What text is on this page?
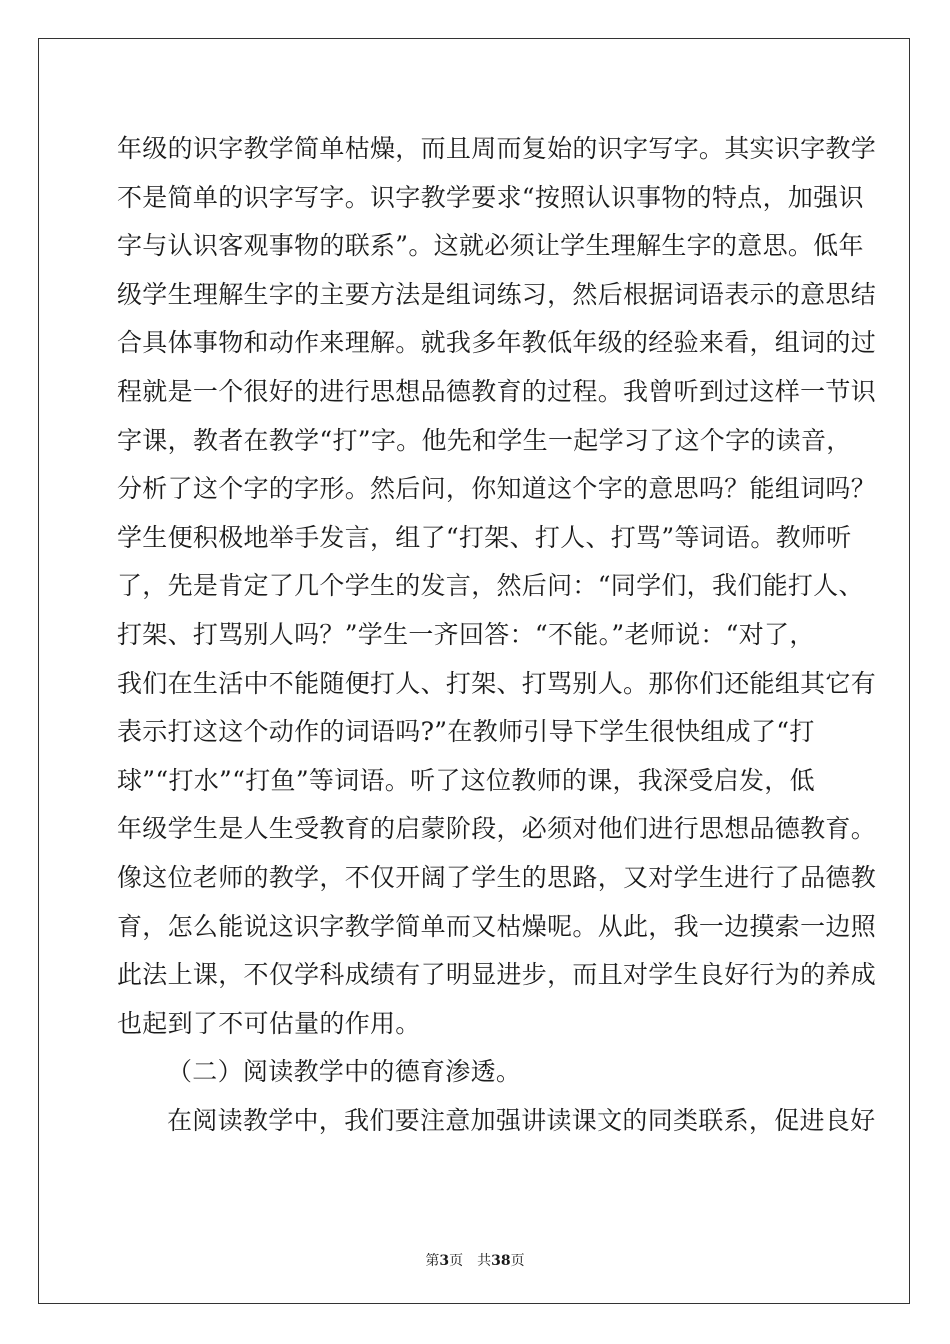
年级的识字教学简单枯燥，而且周而复始的识字写字。其实识字教学
不是简单的识字写字。识字教学要求“按照认识事物的特点，加强识
字与认识客观事物的联系”。这就必须让学生理解生字的意思。低年
级学生理解生字的主要方法是组词练习，然后根据词语表示的意思结
合具体事物和动作来理解。就我多年教低年级的经验来看，组词的过
程就是一个很好的进行思想品德教育的过程。我曾听到过这样一节识
字课，教者在教学“打”字。他先和学生一起学习了这个字的读音，
分析了这个字的字形。然后问，你知道这个字的意思吗？能组词吗？
学生便积极地举手发言，组了“打架、打人、打骂”等词语。教师听
了，先是肯定了几个学生的发言，然后问：“同学们，我们能打人、
打架、打骂别人吗？”学生一齐回答：“不能。”老师说：“对了，
我们在生活中不能随便打人、打架、打骂别人。那你们还能组其它有
表示打这这个动作的词语吗?”在教师引导下学生很快组成了“打
球”“打水”“打鱼”等词语。听了这位教师的课，我深受启发，低
年级学生是人生受教育的启蒙阶段，必须对他们进行思想品德教育。
像这位老师的教学，不仅开阔了学生的思路，又对学生进行了品德教
育，怎么能说这识字教学简单而又枯燥呢。从此，我一边摸索一边照
此法上课，不仅学科成绩有了明显进步，而且对学生良好行为的养成
也起到了不可估量的作用。
（二）阅读教学中的德育渗透。
在阅读教学中，我们要注意加强讲读课文的同类联系，促进良好
第3页 共38页
